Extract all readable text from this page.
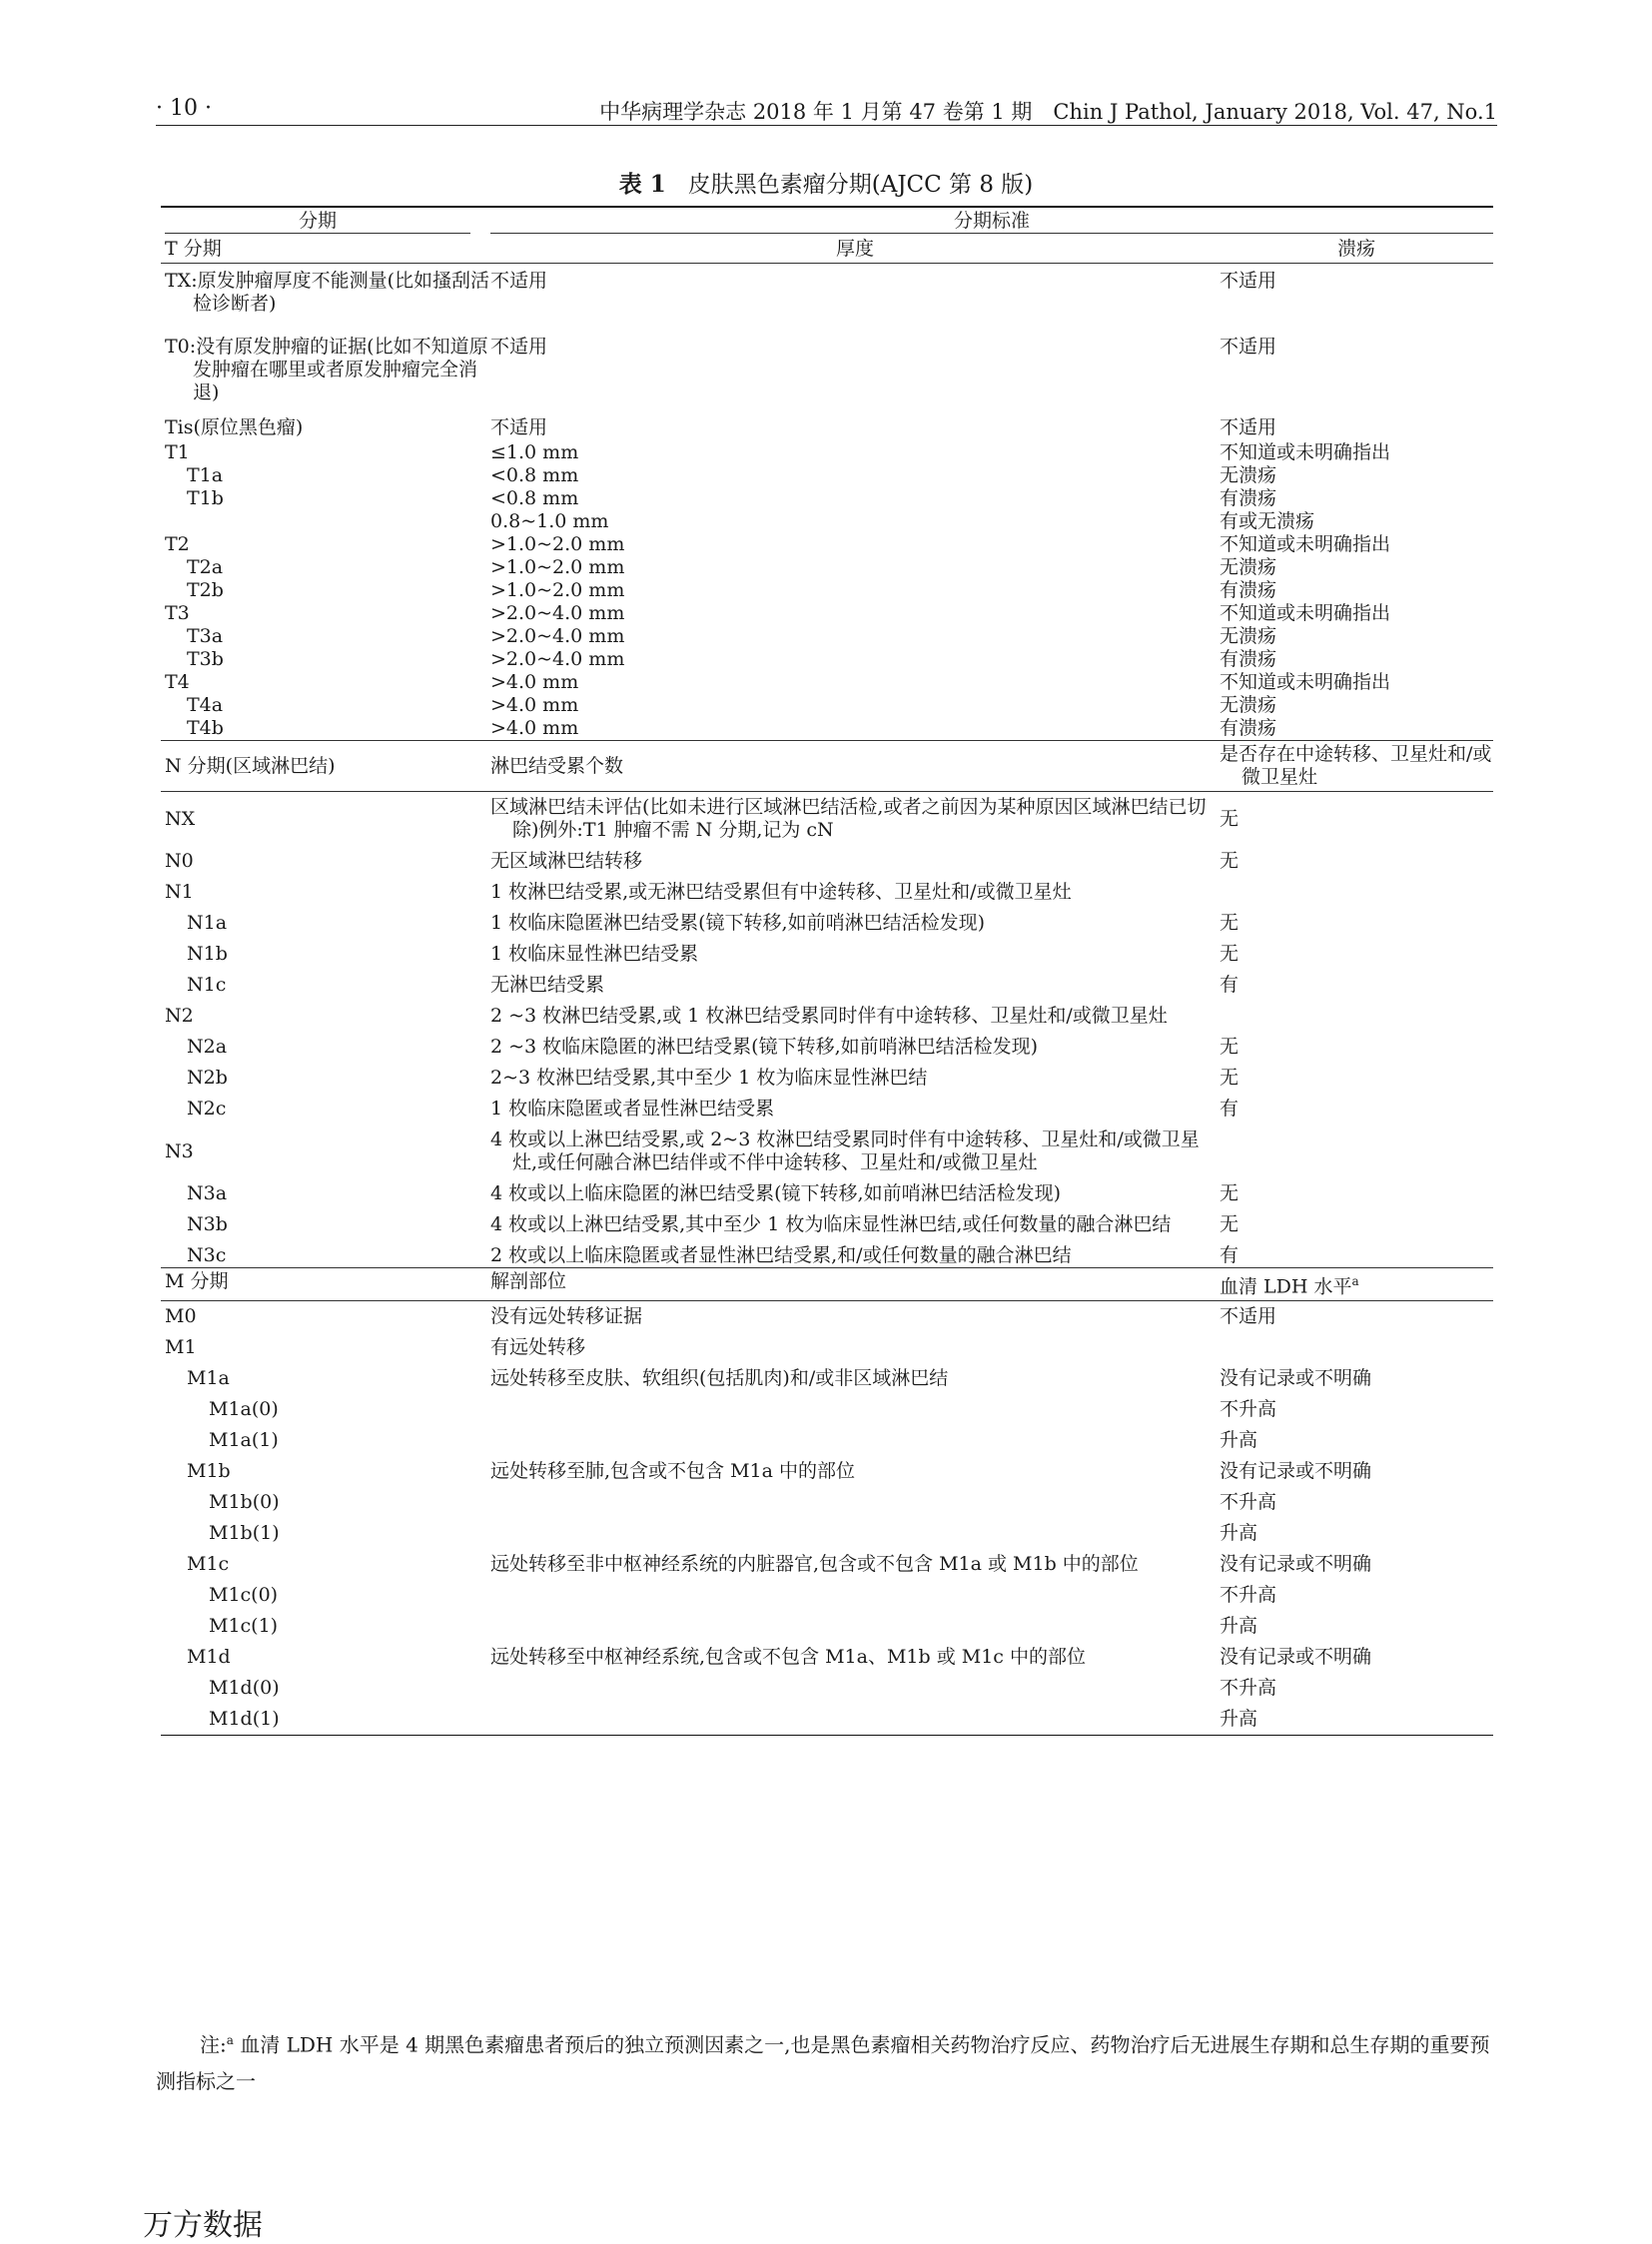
· 10 ·	中华病理学杂志 2018 年 1 月第 47 卷第 1 期　Chin J Pathol, January 2018, Vol. 47, No.1
表 1 皮肤黑色素瘤分期(AJCC 第 8 版)
分期	分期标准	

T 分期	厚度	溃疡

TX:原发肿瘤厚度不能测量(比如搔刮活检诊断者)	不适用	不适用

T0:没有原发肿瘤的证据(比如不知道原发肿瘤在哪里或者原发肿瘤完全消退)	不适用	不适用

Tis(原位黑色瘤)	不适用	不适用

T1	≤1.0 mm	不知道或未明确指出

T1a	<0.8 mm	无溃疡

T1b	<0.8 mm	有溃疡

	0.8~1.0 mm	有或无溃疡

T2	>1.0~2.0 mm	不知道或未明确指出

T2a	>1.0~2.0 mm	无溃疡

T2b	>1.0~2.0 mm	有溃疡

T3	>2.0~4.0 mm	不知道或未明确指出

T3a	>2.0~4.0 mm	无溃疡

T3b	>2.0~4.0 mm	有溃疡

T4	>4.0 mm	不知道或未明确指出

T4a	>4.0 mm	无溃疡

T4b	>4.0 mm	有溃疡

N 分期(区域淋巴结)	淋巴结受累个数	是否存在中途转移、卫星灶和/或微卫星灶

NX	区域淋巴结未评估(比如未进行区域淋巴结活检,或者之前因为某种原因区域淋巴结已切除)例外:T1 肿瘤不需 N 分期,记为 cN	无

N0	无区域淋巴结转移	无

N1	1 枚淋巴结受累,或无淋巴结受累但有中途转移、卫星灶和/或微卫星灶	

N1a	1 枚临床隐匿淋巴结受累(镜下转移,如前哨淋巴结活检发现)	无

N1b	1 枚临床显性淋巴结受累	无

N1c	无淋巴结受累	有

N2	2 ~3 枚淋巴结受累,或 1 枚淋巴结受累同时伴有中途转移、卫星灶和/或微卫星灶	

N2a	2 ~3 枚临床隐匿的淋巴结受累(镜下转移,如前哨淋巴结活检发现)	无

N2b	2~3 枚淋巴结受累,其中至少 1 枚为临床显性淋巴结	无

N2c	1 枚临床隐匿或者显性淋巴结受累	有

N3	4 枚或以上淋巴结受累,或 2~3 枚淋巴结受累同时伴有中途转移、卫星灶和/或微卫星灶,或任何融合淋巴结伴或不伴中途转移、卫星灶和/或微卫星灶	

N3a	4 枚或以上临床隐匿的淋巴结受累(镜下转移,如前哨淋巴结活检发现)	无

N3b	4 枚或以上淋巴结受累,其中至少 1 枚为临床显性淋巴结,或任何数量的融合淋巴结	无

N3c	2 枚或以上临床隐匿或者显性淋巴结受累,和/或任何数量的融合淋巴结	有

M 分期	解剖部位	血清 LDH 水平$^a$

M0	没有远处转移证据	不适用

M1	有远处转移	

M1a	远处转移至皮肤、软组织(包括肌肉)和/或非区域淋巴结	没有记录或不明确

M1a(0)		不升高

M1a(1)		升高

M1b	远处转移至肺,包含或不包含 M1a 中的部位	没有记录或不明确

M1b(0)		不升高

M1b(1)		升高

M1c	远处转移至非中枢神经系统的内脏器官,包含或不包含 M1a 或 M1b 中的部位	没有记录或不明确

M1c(0)		不升高

M1c(1)		升高

M1d	远处转移至中枢神经系统,包含或不包含 M1a、M1b 或 M1c 中的部位	没有记录或不明确

M1d(0)		不升高

M1d(1)		升高
注:$^a$ 血清 LDH 水平是 4 期黑色素瘤患者预后的独立预测因素之一,也是黑色素瘤相关药物治疗反应、药物治疗后无进展生存期和总生存期的重要预测指标之一
万方数据
